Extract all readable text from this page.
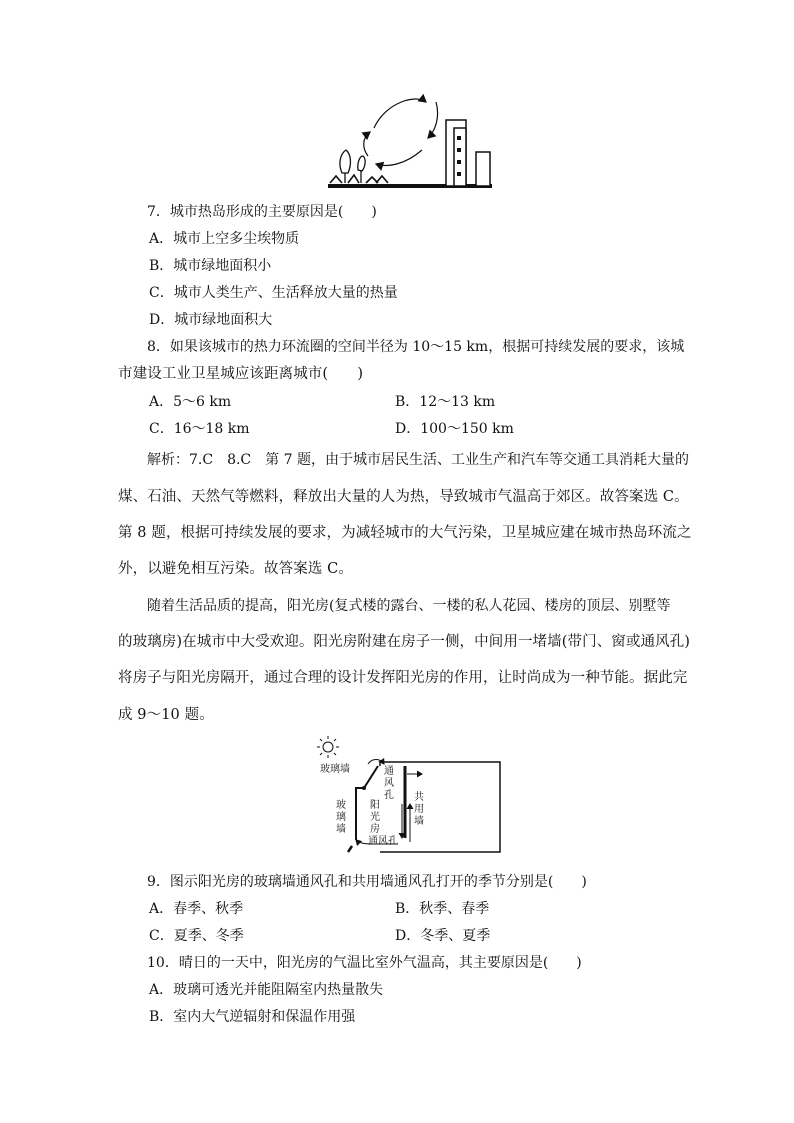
7．城市热岛形成的主要原因是(　　)
A．城市上空多尘埃物质
B．城市绿地面积小
C．城市人类生产、生活释放大量的热量
D．城市绿地面积大
8．如果该城市的热力环流圈的空间半径为 10～15 km，根据可持续发展的要求，该城
市建设工业卫星城应该距离城市(　　)
A．5～6 km	B．12～13 km
C．16～18 km	D．100～150 km
解析：7.C　8.C　第 7 题，由于城市居民生活、工业生产和汽车等交通工具消耗大量的
煤、石油、天然气等燃料，释放出大量的人为热，导致城市气温高于郊区。故答案选 C。
第 8 题，根据可持续发展的要求，为减轻城市的大气污染，卫星城应建在城市热岛环流之
外，以避免相互污染。故答案选 C。
随着生活品质的提高，阳光房(复式楼的露台、一楼的私人花园、楼房的顶层、别墅等
的玻璃房)在城市中大受欢迎。阳光房附建在房子一侧，中间用一堵墙(带门、窗或通风孔)
将房子与阳光房隔开，通过合理的设计发挥阳光房的作用，让时尚成为一种节能。据此完
成 9～10 题。
玻璃墙
玻
璃
墙
通
风
孔
阳
光
房
通风孔
共
用
墙
9．图示阳光房的玻璃墙通风孔和共用墙通风孔打开的季节分别是(　　)
A．春季、秋季	B．秋季、春季
C．夏季、冬季	D．冬季、夏季
10．晴日的一天中，阳光房的气温比室外气温高，其主要原因是(　　)
A．玻璃可透光并能阻隔室内热量散失
B．室内大气逆辐射和保温作用强
